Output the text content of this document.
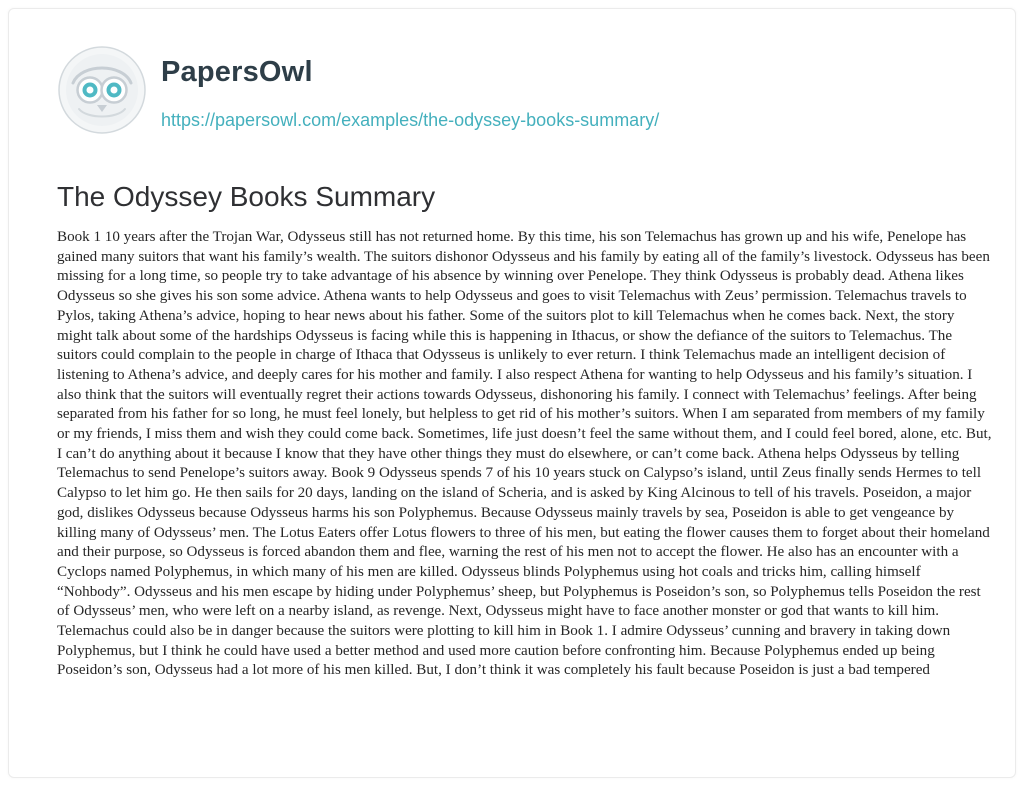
PapersOwl
https://papersowl.com/examples/the-odyssey-books-summary/
The Odyssey Books Summary

Book 1 10 years after the Trojan War, Odysseus still has not returned home. By this time, his son Telemachus has grown up and his wife, Penelope has gained many suitors that want his family’s wealth. The suitors dishonor Odysseus and his family by eating all of the family’s livestock. Odysseus has been missing for a long time, so people try to take advantage of his absence by winning over Penelope. They think Odysseus is probably dead. Athena likes Odysseus so she gives his son some advice. Athena wants to help Odysseus and goes to visit Telemachus with Zeus’ permission. Telemachus travels to Pylos, taking Athena’s advice, hoping to hear news about his father. Some of the suitors plot to kill Telemachus when he comes back. Next, the story might talk about some of the hardships Odysseus is facing while this is happening in Ithacus, or show the defiance of the suitors to Telemachus. The suitors could complain to the people in charge of Ithaca that Odysseus is unlikely to ever return. I think Telemachus made an intelligent decision of listening to Athena’s advice, and deeply cares for his mother and family. I also respect Athena for wanting to help Odysseus and his family’s situation. I also think that the suitors will eventually regret their actions towards Odysseus, dishonoring his family. I connect with Telemachus’ feelings. After being separated from his father for so long, he must feel lonely, but helpless to get rid of his mother’s suitors. When I am separated from members of my family or my friends, I miss them and wish they could come back. Sometimes, life just doesn’t feel the same without them, and I could feel bored, alone, etc. But, I can’t do anything about it because I know that they have other things they must do elsewhere, or can’t come back. Athena helps Odysseus by telling Telemachus to send Penelope’s suitors away. Book 9 Odysseus spends 7 of his 10 years stuck on Calypso’s island, until Zeus finally sends Hermes to tell Calypso to let him go. He then sails for 20 days, landing on the island of Scheria, and is asked by King Alcinous to tell of his travels. Poseidon, a major god, dislikes Odysseus because Odysseus harms his son Polyphemus. Because Odysseus mainly travels by sea, Poseidon is able to get vengeance by killing many of Odysseus’ men. The Lotus Eaters offer Lotus flowers to three of his men, but eating the flower causes them to forget about their homeland and their purpose, so Odysseus is forced abandon them and flee, warning the rest of his men not to accept the flower. He also has an encounter with a Cyclops named Polyphemus, in which many of his men are killed. Odysseus blinds Polyphemus using hot coals and tricks him, calling himself “Nohbody”. Odysseus and his men escape by hiding under Polyphemus’ sheep, but Polyphemus is Poseidon’s son, so Polyphemus tells Poseidon the rest of Odysseus’ men, who were left on a nearby island, as revenge. Next, Odysseus might have to face another monster or god that wants to kill him. Telemachus could also be in danger because the suitors were plotting to kill him in Book 1. I admire Odysseus’ cunning and bravery in taking down Polyphemus, but I think he could have used a better method and used more caution before confronting him. Because Polyphemus ended up being Poseidon’s son, Odysseus had a lot more of his men killed. But, I don’t think it was completely his fault because Poseidon is just a bad tempered
